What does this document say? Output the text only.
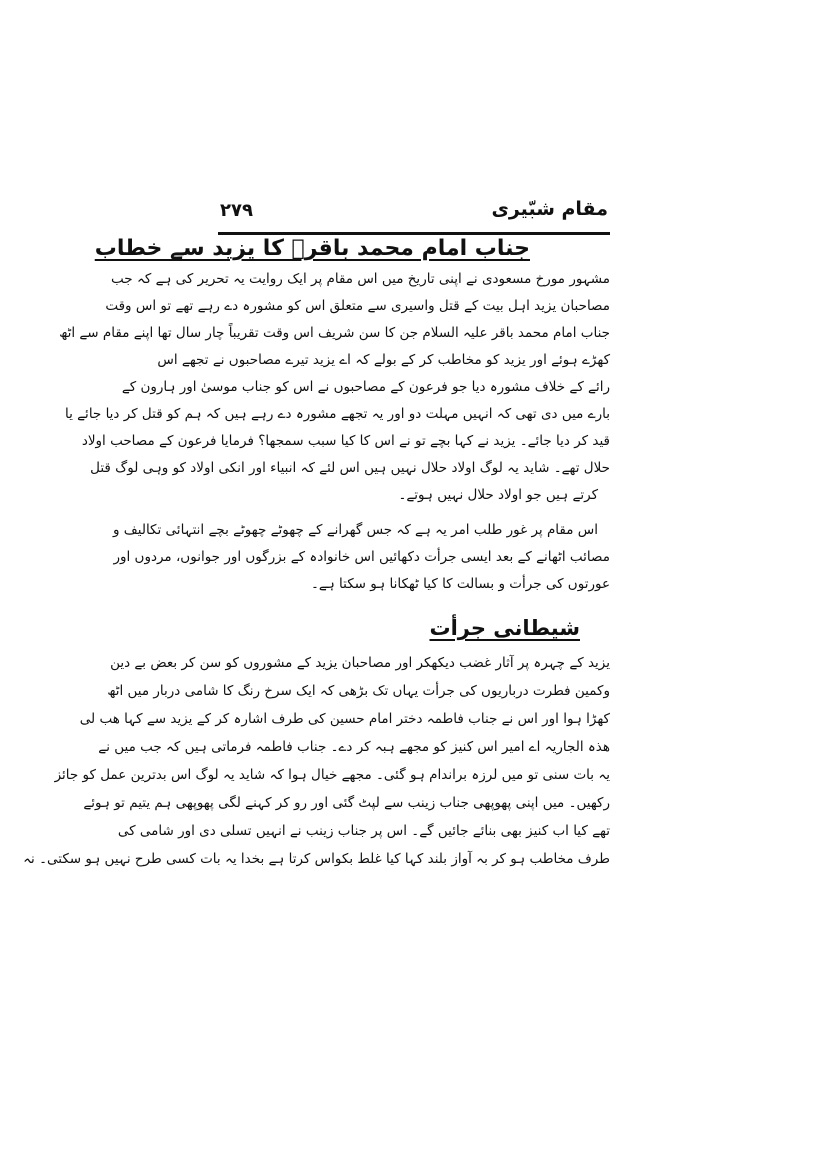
مقام شبّیری
۲۷۹
جناب امام محمد باقرؑ کا یزید سے خطاب
مشہور مورخ مسعودی نے اپنی تاریخ میں اس مقام پر ایک روایت یہ تحریر کی ہے کہ جب
مصاحبان یزید اہل بیت کے قتل واسیری سے متعلق اس کو مشورہ دے رہے تھے تو اس وقت
جناب امام محمد باقر علیہ السلام جن کا سن شریف اس وقت تقریباً چار سال تھا اپنے مقام سے اٹھ
کھڑے ہوئے اور یزید کو مخاطب کر کے بولے کہ اے یزید تیرے مصاحبوں نے تجھے اس
رائے کے خلاف مشورہ دیا جو فرعون کے مصاحبوں نے اس کو جناب موسیٰ اور ہارون کے
بارے میں دی تھی کہ انہیں مہلت دو اور یہ تجھے مشورہ دے رہے ہیں کہ ہم کو قتل کر دیا جائے یا
قید کر دیا جائے۔ یزید نے کہا بچے تو نے اس کا کیا سبب سمجھا؟ فرمایا فرعون کے مصاحب اولاد
حلال تھے۔ شاید یہ لوگ اولاد حلال نہیں ہیں اس لئے کہ انبیاء اور انکی اولاد کو وہی لوگ قتل
کرتے ہیں جو اولاد حلال نہیں ہوتے۔
اس مقام پر غور طلب امر یہ ہے کہ جس گھرانے کے چھوٹے چھوٹے بچے انتہائی تکالیف و
مصائب اٹھانے کے بعد ایسی جرأت دکھائیں اس خانوادہ کے بزرگوں اور جوانوں، مردوں اور
عورتوں کی جرأت و بسالت کا کیا ٹھکانا ہو سکتا ہے۔
شیطانی جرأت
یزید کے چہرہ پر آثار غضب دیکھکر اور مصاحبان یزید کے مشوروں کو سن کر بعض بے دین
وکمین فطرت درباریوں کی جرأت یہاں تک بڑھی کہ ایک سرخ رنگ کا شامی دربار میں اٹھ
کھڑا ہوا اور اس نے جناب فاطمہ دختر امام حسین کی طرف اشارہ کر کے یزید سے کہا ھب لی
ھذہ الجاریہ اے امیر اس کنیز کو مجھے ہبہ کر دے۔ جناب فاطمہ فرماتی ہیں کہ جب میں نے
یہ بات سنی تو میں لرزہ براندام ہو گئی۔ مجھے خیال ہوا کہ شاید یہ لوگ اس بدترین عمل کو جائز
رکھیں۔ میں اپنی پھوپھی جناب زینب سے لپٹ گئی اور رو کر کہنے لگی پھوپھی ہم یتیم تو ہوئے
تھے کیا اب کنیز بھی بنائے جائیں گے۔ اس پر جناب زینب نے انہیں تسلی دی اور شامی کی
طرف مخاطب ہو کر بہ آواز بلند کہا کیا غلط بکواس کرتا ہے بخدا یہ بات کسی طرح نہیں ہو سکتی۔ نہ
